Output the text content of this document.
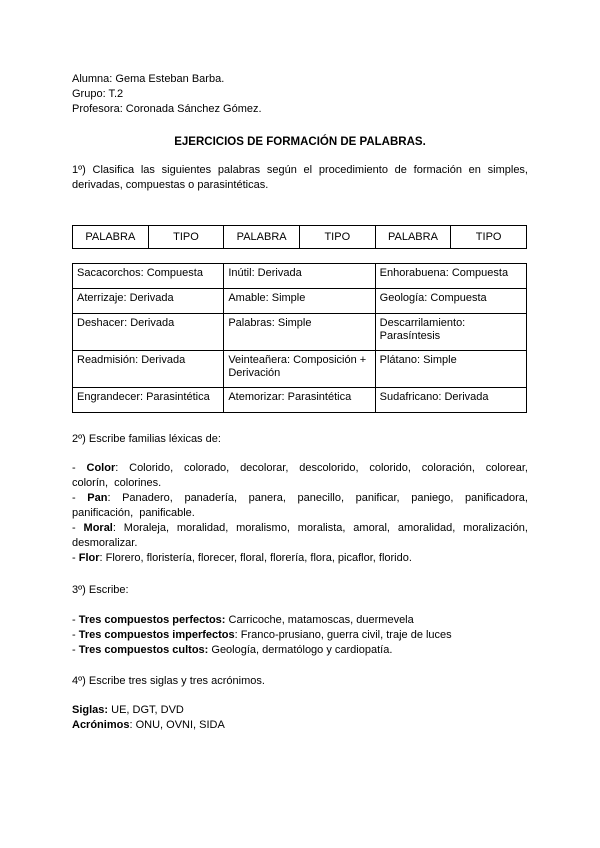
Alumna: Gema Esteban Barba.
Grupo: T.2
Profesora: Coronada Sánchez Gómez.
EJERCICIOS DE FORMACIÓN DE PALABRAS.
1º) Clasifica las siguientes palabras según el procedimiento de formación en simples, derivadas, compuestas o parasintéticas.
PALABRA	TIPO	PALABRA	TIPO	PALABRA	TIPO
Sacacorchos: Compuesta	Inútil: Derivada	Enhorabuena: Compuesta
Aterrizaje: Derivada	Amable: Simple	Geología: Compuesta
Deshacer: Derivada	Palabras: Simple	Descarrilamiento: Parasíntesis
Readmisión: Derivada	Veinteañera: Composición + Derivación	Plátano: Simple
Engrandecer: Parasintética	Atemorizar: Parasintética	Sudafricano: Derivada
2º) Escribe familias léxicas de:
- Color: Colorido, colorado, decolorar, descolorido, colorido, coloración, colorear, colorín, colorines.
- Pan: Panadero, panadería, panera, panecillo, panificar, paniego, panificadora, panificación, panificable.
- Moral: Moraleja, moralidad, moralismo, moralista, amoral, amoralidad, moralización, desmoralizar.
- Flor: Florero, floristería, florecer, floral, florería, flora, picaflor, florido.
3º) Escribe:
- Tres compuestos perfectos: Carricoche, matamoscas, duermevela
- Tres compuestos imperfectos: Franco-prusiano, guerra civil, traje de luces
- Tres compuestos cultos: Geología, dermatólogo y cardiopatía.
4º) Escribe tres siglas y tres acrónimos.
Siglas: UE, DGT, DVD
Acrónimos: ONU, OVNI, SIDA
